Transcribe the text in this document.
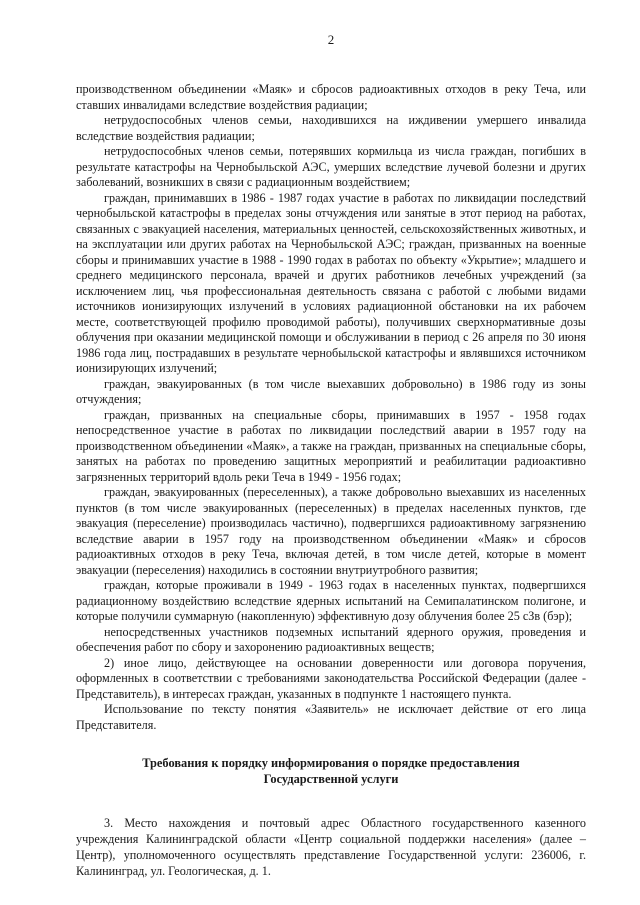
2

производственном объединении «Маяк» и сбросов радиоактивных отходов в реку Теча, или ставших инвалидами вследствие воздействия радиации;

нетрудоспособных членов семьи, находившихся на иждивении умершего инвалида вследствие воздействия радиации;

нетрудоспособных членов семьи, потерявших кормильца из числа граждан, погибших в результате катастрофы на Чернобыльской АЭС, умерших вследствие лучевой болезни и других заболеваний, возникших в связи с радиационным воздействием;

граждан, принимавших в 1986 - 1987 годах участие в работах по ликвидации последствий чернобыльской катастрофы в пределах зоны отчуждения или занятые в этот период на работах, связанных с эвакуацией населения, материальных ценностей, сельскохозяйственных животных, и на эксплуатации или других работах на Чернобыльской АЭС; граждан, призванных на военные сборы и принимавших участие в 1988 - 1990 годах в работах по объекту «Укрытие»; младшего и среднего медицинского персонала, врачей и других работников лечебных учреждений (за исключением лиц, чья профессиональная деятельность связана с работой с любыми видами источников ионизирующих излучений в условиях радиационной обстановки на их рабочем месте, соответствующей профилю проводимой работы), получивших сверхнормативные дозы облучения при оказании медицинской помощи и обслуживании в период с 26 апреля по 30 июня 1986 года лиц, пострадавших в результате чернобыльской катастрофы и являвшихся источником ионизирующих излучений;

граждан, эвакуированных (в том числе выехавших добровольно) в 1986 году из зоны отчуждения;

граждан, призванных на специальные сборы, принимавших в 1957 - 1958 годах непосредственное участие в работах по ликвидации последствий аварии в 1957 году на производственном объединении «Маяк», а также на граждан, призванных на специальные сборы, занятых на работах по проведению защитных мероприятий и реабилитации радиоактивно загрязненных территорий вдоль реки Теча в 1949 - 1956 годах;

граждан, эвакуированных (переселенных), а также добровольно выехавших из населенных пунктов (в том числе эвакуированных (переселенных) в пределах населенных пунктов, где эвакуация (переселение) производилась частично), подвергшихся радиоактивному загрязнению вследствие аварии в 1957 году на производственном объединении «Маяк» и сбросов радиоактивных отходов в реку Теча, включая детей, в том числе детей, которые в момент эвакуации (переселения) находились в состоянии внутриутробного развития;

граждан, которые проживали в 1949 - 1963 годах в населенных пунктах, подвергшихся радиационному воздействию вследствие ядерных испытаний на Семипалатинском полигоне, и которые получили суммарную (накопленную) эффективную дозу облучения более 25 сЗв (бэр);

непосредственных участников подземных испытаний ядерного оружия, проведения и обеспечения работ по сбору и захоронению радиоактивных веществ;

2) иное лицо, действующее на основании доверенности или договора поручения, оформленных в соответствии с требованиями законодательства Российской Федерации (далее - Представитель), в интересах граждан, указанных в подпункте 1 настоящего пункта.

Использование по тексту понятия «Заявитель» не исключает действие от его лица Представителя.

Требования к порядку информирования о порядке предоставления
Государственной услуги
3. Место нахождения и почтовый адрес Областного государственного казенного учреждения Калининградской области «Центр социальной поддержки населения» (далее – Центр), уполномоченного осуществлять представление Государственной услуги: 236006, г. Калининград, ул. Геологическая, д. 1.
